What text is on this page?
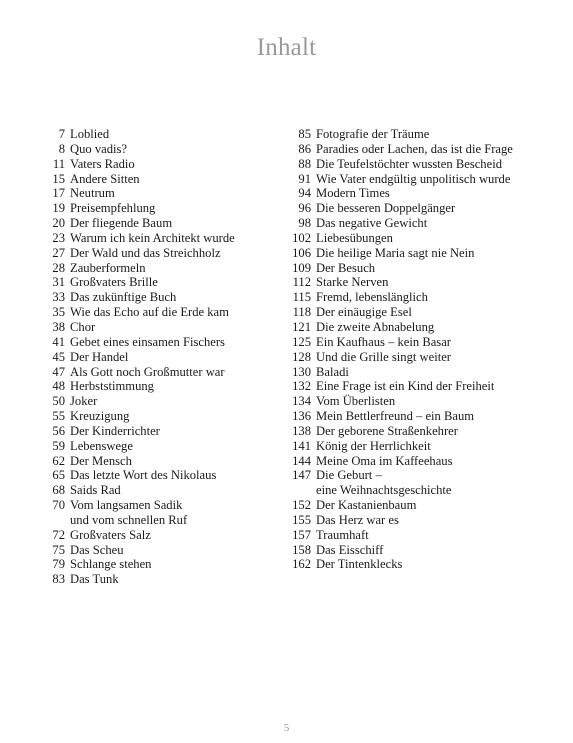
Inhalt
7 Loblied
8 Quo vadis?
11 Vaters Radio
15 Andere Sitten
17 Neutrum
19 Preisempfehlung
20 Der fliegende Baum
23 Warum ich kein Architekt wurde
27 Der Wald und das Streichholz
28 Zauberformeln
31 Großvaters Brille
33 Das zukünftige Buch
35 Wie das Echo auf die Erde kam
38 Chor
41 Gebet eines einsamen Fischers
45 Der Handel
47 Als Gott noch Großmutter war
48 Herbststimmung
50 Joker
55 Kreuzigung
56 Der Kinderrichter
59 Lebenswege
62 Der Mensch
65 Das letzte Wort des Nikolaus
68 Saids Rad
70 Vom langsamen Sadik
und vom schnellen Ruf
72 Großvaters Salz
75 Das Scheu
79 Schlange stehen
83 Das Tunk
85 Fotografie der Träume
86 Paradies oder Lachen, das ist die Frage
88 Die Teufelstöchter wussten Bescheid
91 Wie Vater endgültig unpolitisch wurde
94 Modern Times
96 Die besseren Doppelgänger
98 Das negative Gewicht
102 Liebesübungen
106 Die heilige Maria sagt nie Nein
109 Der Besuch
112 Starke Nerven
115 Fremd, lebenslänglich
118 Der einäugige Esel
121 Die zweite Abnabelung
125 Ein Kaufhaus – kein Basar
128 Und die Grille singt weiter
130 Baladi
132 Eine Frage ist ein Kind der Freiheit
134 Vom Überlisten
136 Mein Bettlerfreund – ein Baum
138 Der geborene Straßenkehrer
141 König der Herrlichkeit
144 Meine Oma im Kaffeehaus
147 Die Geburt –
eine Weihnachtsgeschichte
152 Der Kastanienbaum
155 Das Herz war es
157 Traumhaft
158 Das Eisschiff
162 Der Tintenklecks
5
